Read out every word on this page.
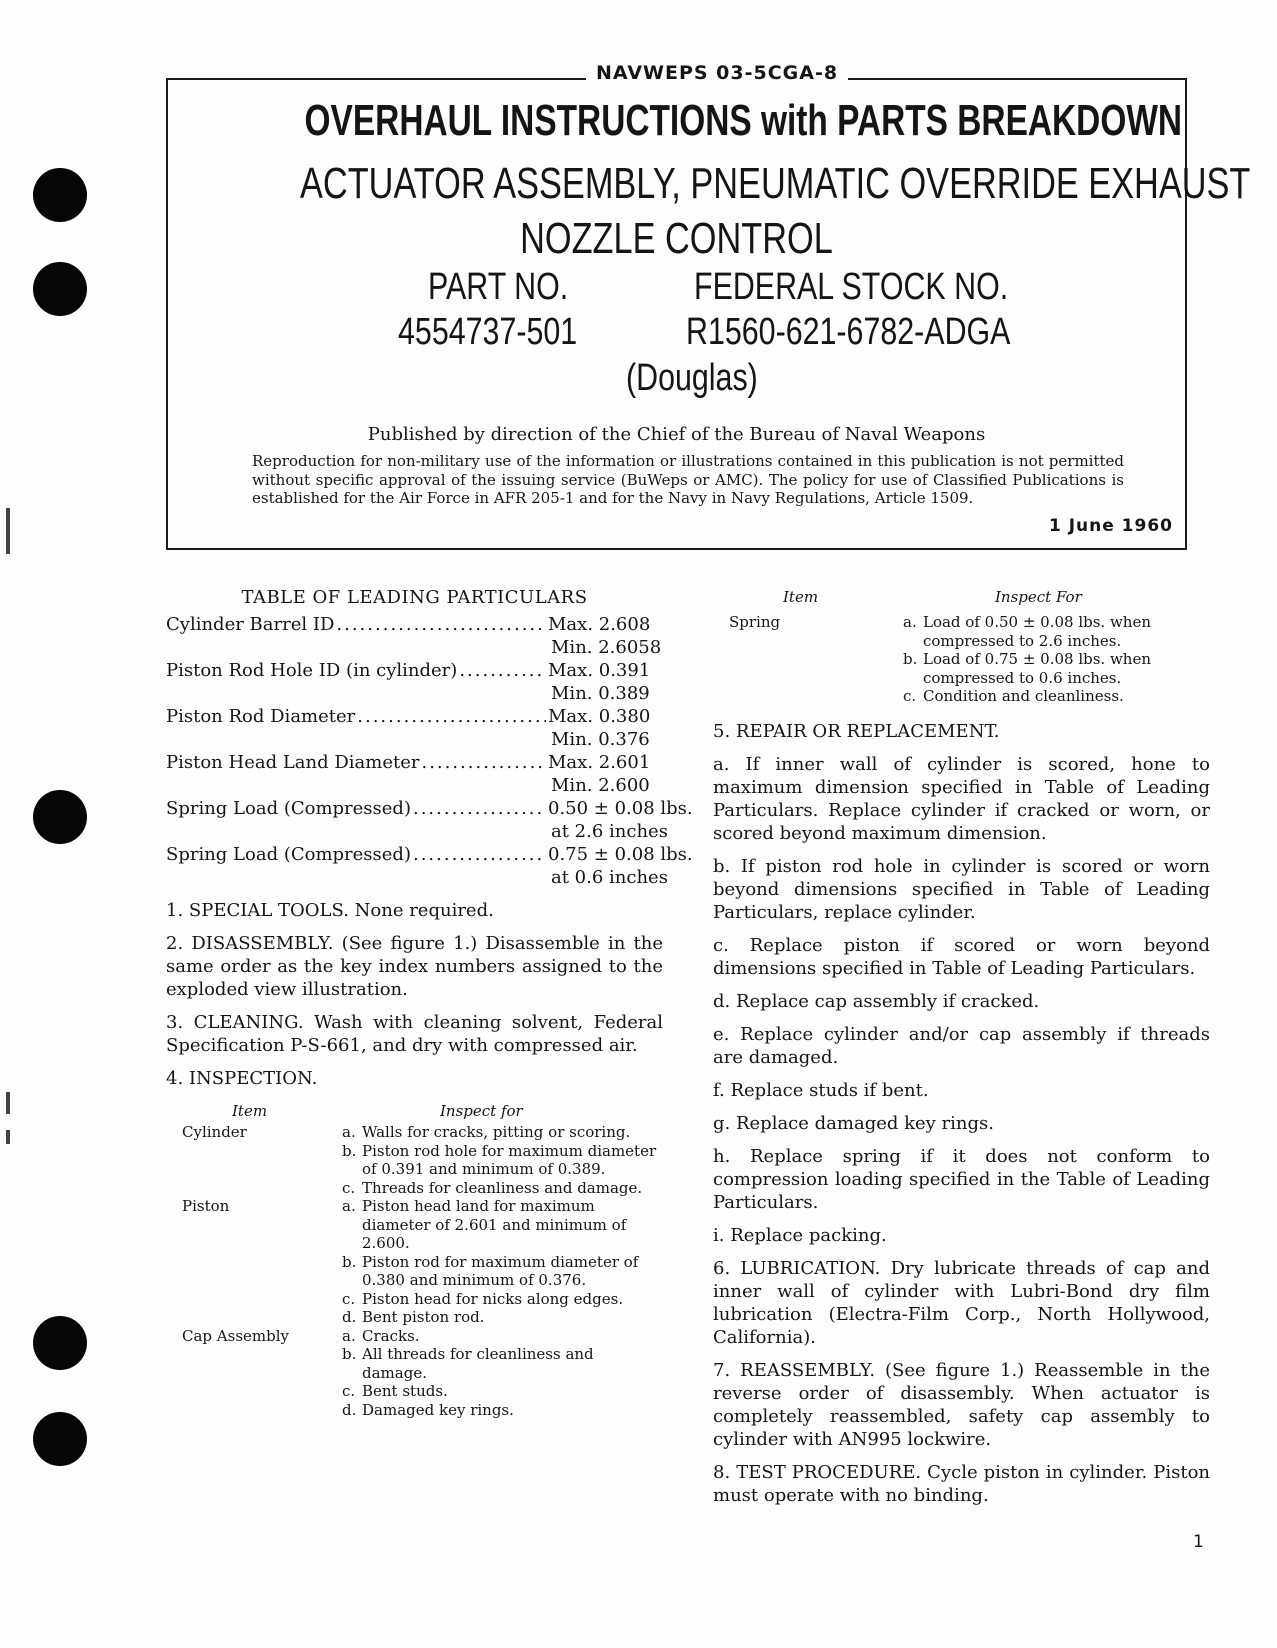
NAVWEPS 03-5CGA-8
OVERHAUL INSTRUCTIONS with PARTS BREAKDOWN
ACTUATOR ASSEMBLY, PNEUMATIC OVERRIDE EXHAUST
NOZZLE CONTROL
PART NO.
4554737-501
FEDERAL STOCK NO.
R1560-621-6782-ADGA
(Douglas)
Published by direction of the Chief of the Bureau of Naval Weapons
Reproduction for non-military use of the information or illustrations contained in this publication is not permitted without specific approval of the issuing service (BuWeps or AMC). The policy for use of Classified Publications is established for the Air Force in AFR 205-1 and for the Navy in Navy Regulations, Article 1509.
1 June 1960
TABLE OF LEADING PARTICULARS
Cylinder Barrel ID .....	Max. 2.608
Min. 2.6058
Piston Rod Hole ID (in cylinder) .....	Max. 0.391
Min. 0.389
Piston Rod Diameter .....	Max. 0.380
Min. 0.376
Piston Head Land Diameter .....	Max. 2.601
Min. 2.600
Spring Load (Compressed) .....	0.50 ± 0.08 lbs.
at 2.6 inches
Spring Load (Compressed) .....	0.75 ± 0.08 lbs.
at 0.6 inches

1. SPECIAL TOOLS. None required.

2. DISASSEMBLY. (See figure 1.) Disassemble in the same order as the key index numbers assigned to the exploded view illustration.

3. CLEANING. Wash with cleaning solvent, Federal Specification P-S-661, and dry with compressed air.

4. INSPECTION.

Item	Inspect for
Cylinder	a. Walls for cracks, pitting or scoring.
b. Piston rod hole for maximum diameter of 0.391 and minimum of 0.389.
c. Threads for cleanliness and damage.
Piston	a. Piston head land for maximum diameter of 2.601 and minimum of 2.600.
b. Piston rod for maximum diameter of 0.380 and minimum of 0.376.
c. Piston head for nicks along edges.
d. Bent piston rod.
Cap Assembly	a. Cracks.
b. All threads for cleanliness and damage.
c. Bent studs.
d. Damaged key rings.
Item	Inspect For
Spring	a. Load of 0.50 ± 0.08 lbs. when compressed to 2.6 inches.
b. Load of 0.75 ± 0.08 lbs. when compressed to 0.6 inches.
c. Condition and cleanliness.

5. REPAIR OR REPLACEMENT.

a. If inner wall of cylinder is scored, hone to maximum dimension specified in Table of Leading Particulars. Replace cylinder if cracked or worn, or scored beyond maximum dimension.

b. If piston rod hole in cylinder is scored or worn beyond dimensions specified in Table of Leading Particulars, replace cylinder.

c. Replace piston if scored or worn beyond dimensions specified in Table of Leading Particulars.

d. Replace cap assembly if cracked.

e. Replace cylinder and/or cap assembly if threads are damaged.

f. Replace studs if bent.

g. Replace damaged key rings.

h. Replace spring if it does not conform to compression loading specified in the Table of Leading Particulars.

i. Replace packing.

6. LUBRICATION. Dry lubricate threads of cap and inner wall of cylinder with Lubri-Bond dry film lubrication (Electra-Film Corp., North Hollywood, California).

7. REASSEMBLY. (See figure 1.) Reassemble in the reverse order of disassembly. When actuator is completely reassembled, safety cap assembly to cylinder with AN995 lockwire.

8. TEST PROCEDURE. Cycle piston in cylinder. Piston must operate with no binding.

1
